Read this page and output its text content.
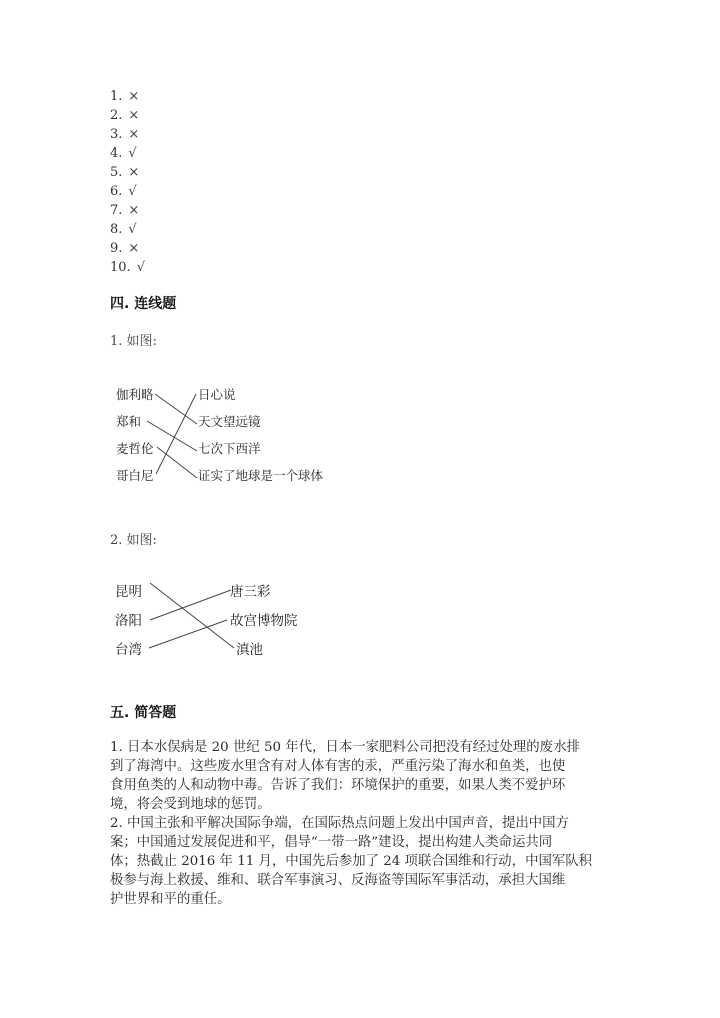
1. ×
2. ×
3. ×
4. √
5. ×
6. √
7. ×
8. √
9. ×
10. √
四. 连线题
1. 如图:
伽利略
郑和
麦哲伦
哥白尼
日心说
天文望远镜
七次下西洋
证实了地球是一个球体
2. 如图:
昆明
洛阳
台湾
唐三彩
故宫博物院
滇池
五. 简答题
1. 日本水俣病是 20 世纪 50 年代，日本一家肥料公司把没有经过处理的废水排
到了海湾中。这些废水里含有对人体有害的汞，严重污染了海水和鱼类，也使
食用鱼类的人和动物中毒。告诉了我们：环境保护的重要，如果人类不爱护环
境，将会受到地球的惩罚。
2. 中国主张和平解决国际争端，在国际热点问题上发出中国声音，提出中国方
案；中国通过发展促进和平，倡导“一带一路”建设，提出构建人类命运共同
体；热截止 2016 年 11 月，中国先后参加了 24 项联合国维和行动，中国军队积
极参与海上救援、维和、联合军事演习、反海盗等国际军事活动，承担大国维
护世界和平的重任。
